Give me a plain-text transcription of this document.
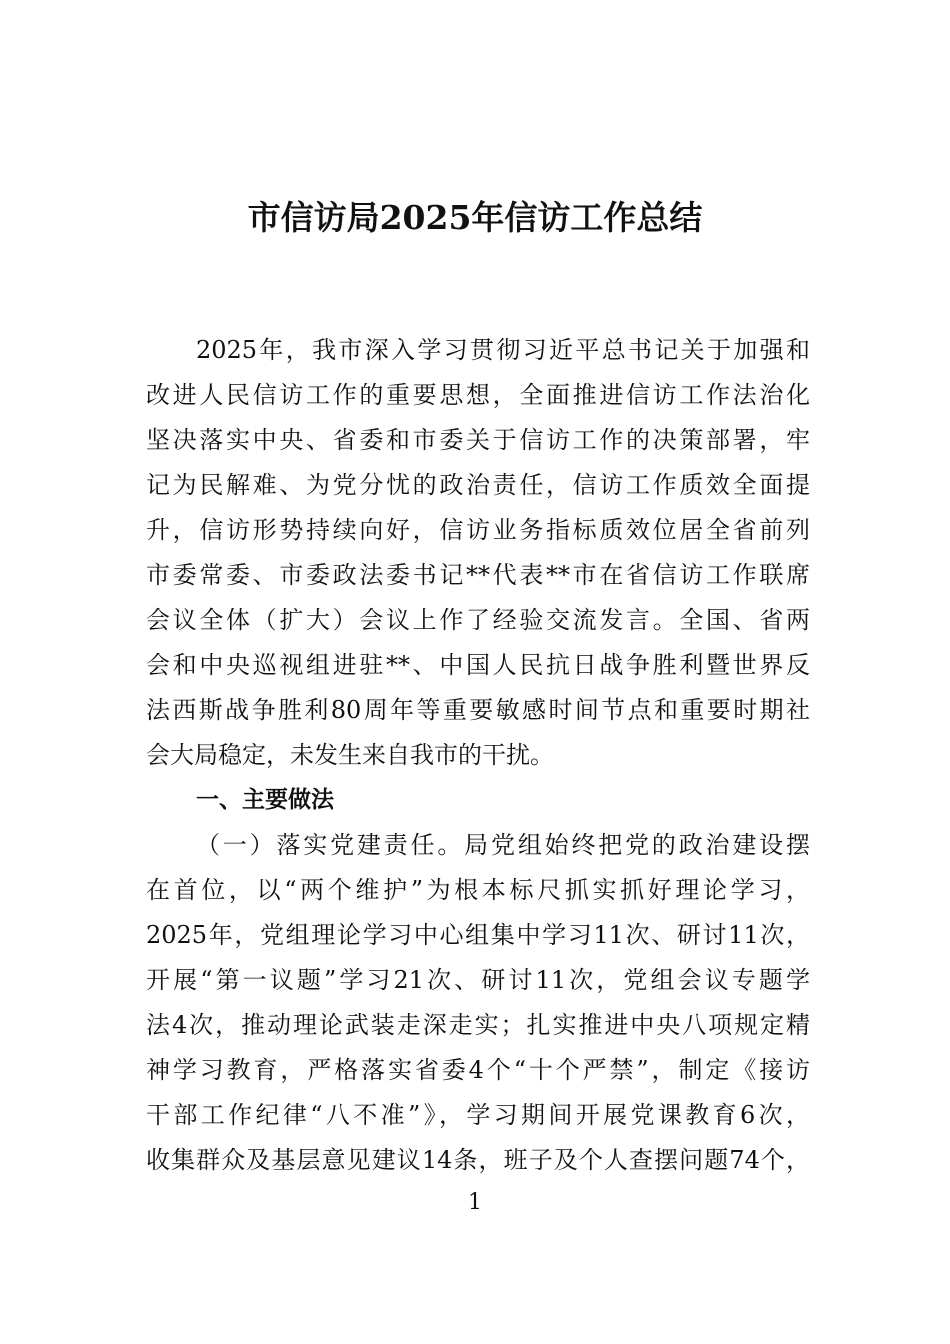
市信访局2025年信访工作总结
2025年，我市深入学习贯彻习近平总书记关于加强和
改进人民信访工作的重要思想，全面推进信访工作法治化
坚决落实中央、省委和市委关于信访工作的决策部署，牢
记为民解难、为党分忧的政治责任，信访工作质效全面提
升，信访形势持续向好，信访业务指标质效位居全省前列
市委常委、市委政法委书记**代表**市在省信访工作联席
会议全体（扩大）会议上作了经验交流发言。全国、省两
会和中央巡视组进驻**、中国人民抗日战争胜利暨世界反
法西斯战争胜利80周年等重要敏感时间节点和重要时期社
会大局稳定，未发生来自我市的干扰。
一、主要做法
（一）落实党建责任。局党组始终把党的政治建设摆
在首位，以“两个维护”为根本标尺抓实抓好理论学习，
2025年，党组理论学习中心组集中学习11次、研讨11次，
开展“第一议题”学习21次、研讨11次，党组会议专题学
法4次，推动理论武装走深走实；扎实推进中央八项规定精
神学习教育，严格落实省委4个“十个严禁”，制定《接访
干部工作纪律“八不准”》，学习期间开展党课教育6次，
收集群众及基层意见建议14条，班子及个人查摆问题74个，
1
